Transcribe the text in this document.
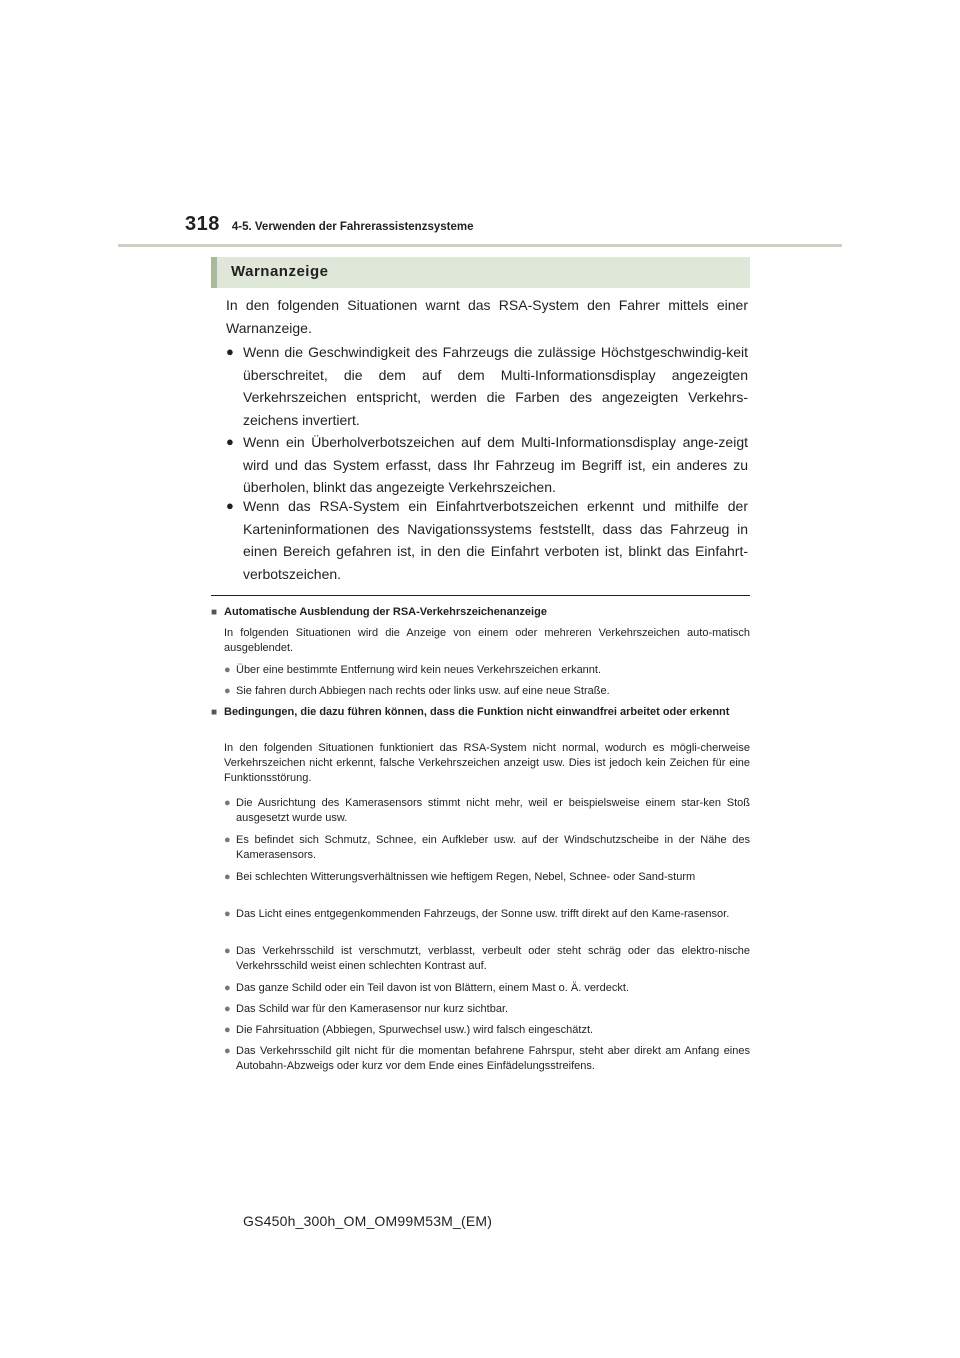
318 4-5. Verwenden der Fahrerassistenzsysteme
Warnanzeige
In den folgenden Situationen warnt das RSA-System den Fahrer mittels einer Warnanzeige.
● Wenn die Geschwindigkeit des Fahrzeugs die zulässige Höchstgeschwindig-keit überschreitet, die dem auf dem Multi-Informationsdisplay angezeigten Verkehrszeichen entspricht, werden die Farben des angezeigten Verkehrs-zeichens invertiert.
● Wenn ein Überholverbotszeichen auf dem Multi-Informationsdisplay ange-zeigt wird und das System erfasst, dass Ihr Fahrzeug im Begriff ist, ein anderes zu überholen, blinkt das angezeigte Verkehrszeichen.
● Wenn das RSA-System ein Einfahrtverbotszeichen erkennt und mithilfe der Karteninformationen des Navigationssystems feststellt, dass das Fahrzeug in einen Bereich gefahren ist, in den die Einfahrt verboten ist, blinkt das Einfahrt-verbotszeichen.
■ Automatische Ausblendung der RSA-Verkehrszeichenanzeige
In folgenden Situationen wird die Anzeige von einem oder mehreren Verkehrszeichen auto-matisch ausgeblendet.
● Über eine bestimmte Entfernung wird kein neues Verkehrszeichen erkannt.
● Sie fahren durch Abbiegen nach rechts oder links usw. auf eine neue Straße.
■ Bedingungen, die dazu führen können, dass die Funktion nicht einwandfrei arbeitet oder erkennt
In den folgenden Situationen funktioniert das RSA-System nicht normal, wodurch es mögli-cherweise Verkehrszeichen nicht erkennt, falsche Verkehrszeichen anzeigt usw. Dies ist jedoch kein Zeichen für eine Funktionsstörung.
● Die Ausrichtung des Kamerasensors stimmt nicht mehr, weil er beispielsweise einem star-ken Stoß ausgesetzt wurde usw.
● Es befindet sich Schmutz, Schnee, ein Aufkleber usw. auf der Windschutzscheibe in der Nähe des Kamerasensors.
● Bei schlechten Witterungsverhältnissen wie heftigem Regen, Nebel, Schnee- oder Sand-sturm
● Das Licht eines entgegenkommenden Fahrzeugs, der Sonne usw. trifft direkt auf den Kame-rasensor.
● Das Verkehrsschild ist verschmutzt, verblasst, verbeult oder steht schräg oder das elektro-nische Verkehrsschild weist einen schlechten Kontrast auf.
● Das ganze Schild oder ein Teil davon ist von Blättern, einem Mast o. Ä. verdeckt.
● Das Schild war für den Kamerasensor nur kurz sichtbar.
● Die Fahrsituation (Abbiegen, Spurwechsel usw.) wird falsch eingeschätzt.
● Das Verkehrsschild gilt nicht für die momentan befahrene Fahrspur, steht aber direkt am Anfang eines Autobahn-Abzweigs oder kurz vor dem Ende eines Einfädelungsstreifens.
GS450h_300h_OM_OM99M53M_(EM)
